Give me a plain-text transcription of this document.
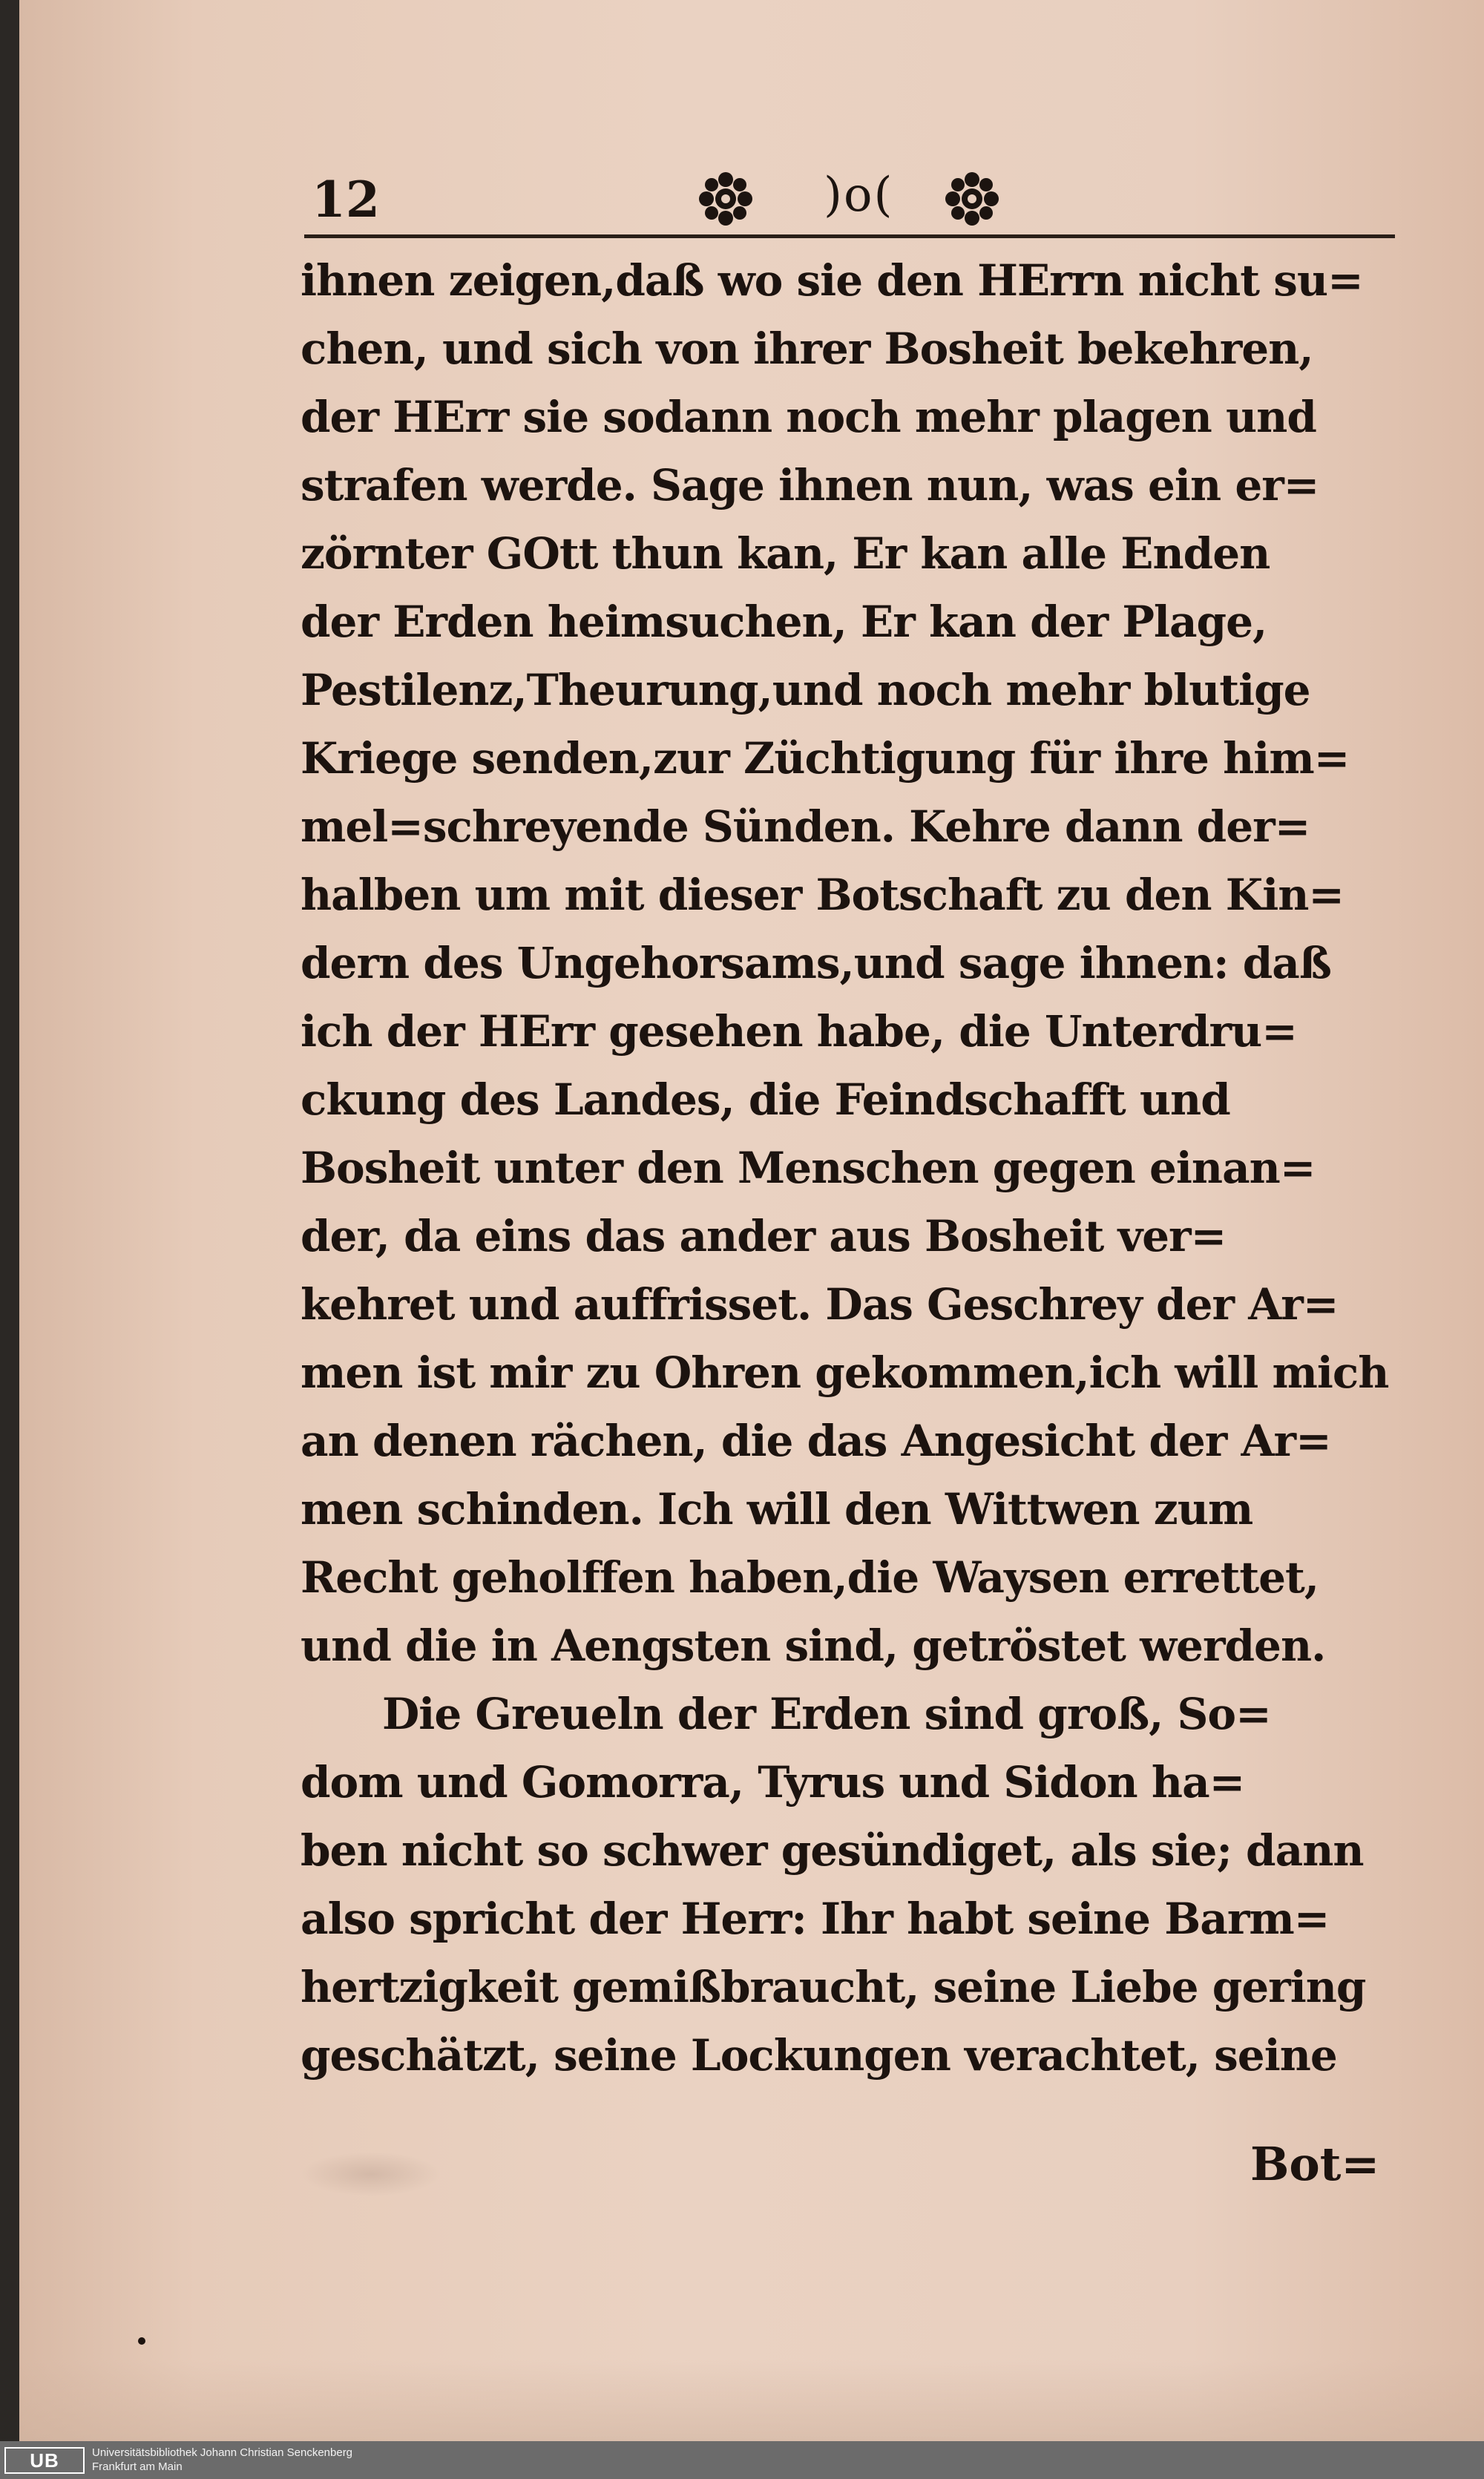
12	)o(
ihnen zeigen,daß wo sie den HErrn nicht su=
chen, und sich von ihrer Bosheit bekehren,
der HErr sie sodann noch mehr plagen und
strafen werde. Sage ihnen nun, was ein er=
zörnter GOtt thun kan, Er kan alle Enden
der Erden heimsuchen, Er kan der Plage,
Pestilenz,Theurung,und noch mehr blutige
Kriege senden,zur Züchtigung für ihre him=
mel=schreyende Sünden. Kehre dann der=
halben um mit dieser Botschaft zu den Kin=
dern des Ungehorsams,und sage ihnen: daß
ich der HErr gesehen habe, die Unterdru=
ckung des Landes, die Feindschafft und
Bosheit unter den Menschen gegen einan=
der, da eins das ander aus Bosheit ver=
kehret und auffrisset. Das Geschrey der Ar=
men ist mir zu Ohren gekommen,ich will mich
an denen rächen, die das Angesicht der Ar=
men schinden. Ich will den Wittwen zum
Recht geholffen haben,die Waysen errettet,
und die in Aengsten sind, getröstet werden.
Die Greueln der Erden sind groß, So=
dom und Gomorra, Tyrus und Sidon ha=
ben nicht so schwer gesündiget, als sie; dann
also spricht der Herr: Ihr habt seine Barm=
hertzigkeit gemißbraucht, seine Liebe gering
geschätzt, seine Lockungen verachtet, seine
Bot=
UB	Universitätsbibliothek Johann Christian Senckenberg
Frankfurt am Main
